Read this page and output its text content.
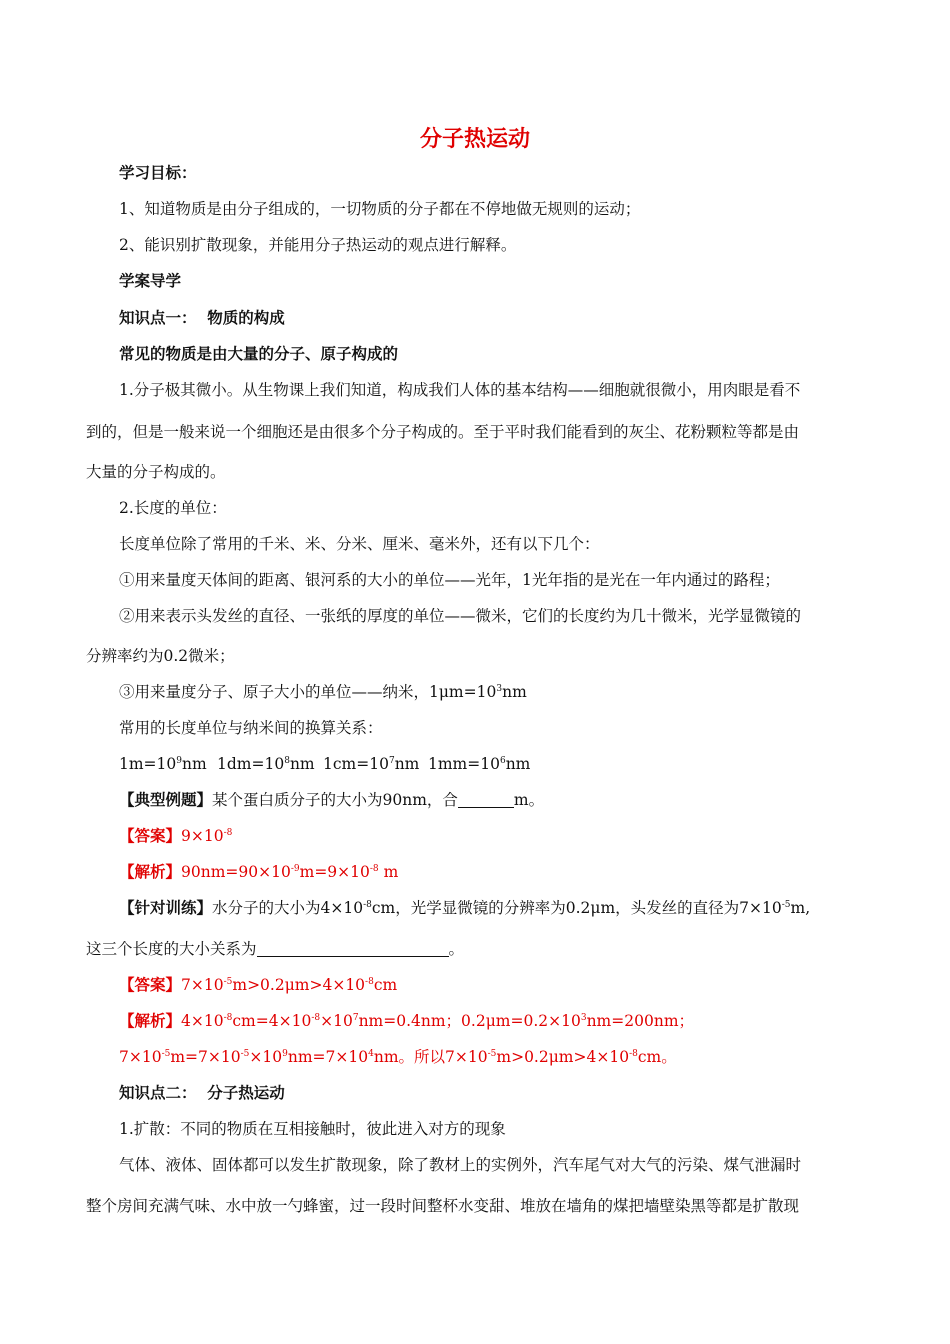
分子热运动
学习目标：
1、知道物质是由分子组成的，一切物质的分子都在不停地做无规则的运动；
2、能识别扩散现象，并能用分子热运动的观点进行解释。
学案导学
知识点一：  物质的构成
常见的物质是由大量的分子、原子构成的
1.分子极其微小。从生物课上我们知道，构成我们人体的基本结构——细胞就很微小，用肉眼是看不
到的，但是一般来说一个细胞还是由很多个分子构成的。至于平时我们能看到的灰尘、花粉颗粒等都是由
大量的分子构成的。
2.长度的单位：
长度单位除了常用的千米、米、分米、厘米、毫米外，还有以下几个：
①用来量度天体间的距离、银河系的大小的单位——光年，1光年指的是光在一年内通过的路程；
②用来表示头发丝的直径、一张纸的厚度的单位——微米，它们的长度约为几十微米，光学显微镜的
分辨率约为0.2微米；
③用来量度分子、原子大小的单位——纳米，$1\mu m=10^3nm$
常用的长度单位与纳米间的换算关系：
$1m=10^9nm$ $1dm=10^8nm$ $1cm=10^7nm$ $1mm=10^6nm$
【典型例题】某个蛋白质分子的大小为90nm，合	m。
【答案】$9\times 10^{-8}$
【解析】$90nm=90\times 10^{-9}m=9\times 10^{-8}$ m
【针对训练】水分子的大小为$4\times 10^{-8}cm$，光学显微镜的分辨率为0.2μm，头发丝的直径为$7\times 10^{-5}m$,
这三个长度的大小关系为	。
【答案】$7\times 10^{-5}m>0.2\mu m>4\times 10^{-8}cm$
【解析】$4\times 10^{-8}cm=4\times 10^{-8}\times 10^7nm=0.4nm$；$0.2\mu m=0.2\times 10^3nm=200nm$；
$7\times 10^{-5}m=7\times 10^{-5}\times 10^9nm=7\times 10^4nm$。所以$7\times 10^{-5}m>0.2\mu m>4\times 10^{-8}cm$。
知识点二：  分子热运动
1.扩散：不同的物质在互相接触时，彼此进入对方的现象
气体、液体、固体都可以发生扩散现象，除了教材上的实例外，汽车尾气对大气的污染、煤气泄漏时
整个房间充满气味、水中放一勺蜂蜜，过一段时间整杯水变甜、堆放在墙角的煤把墙壁染黑等都是扩散现
